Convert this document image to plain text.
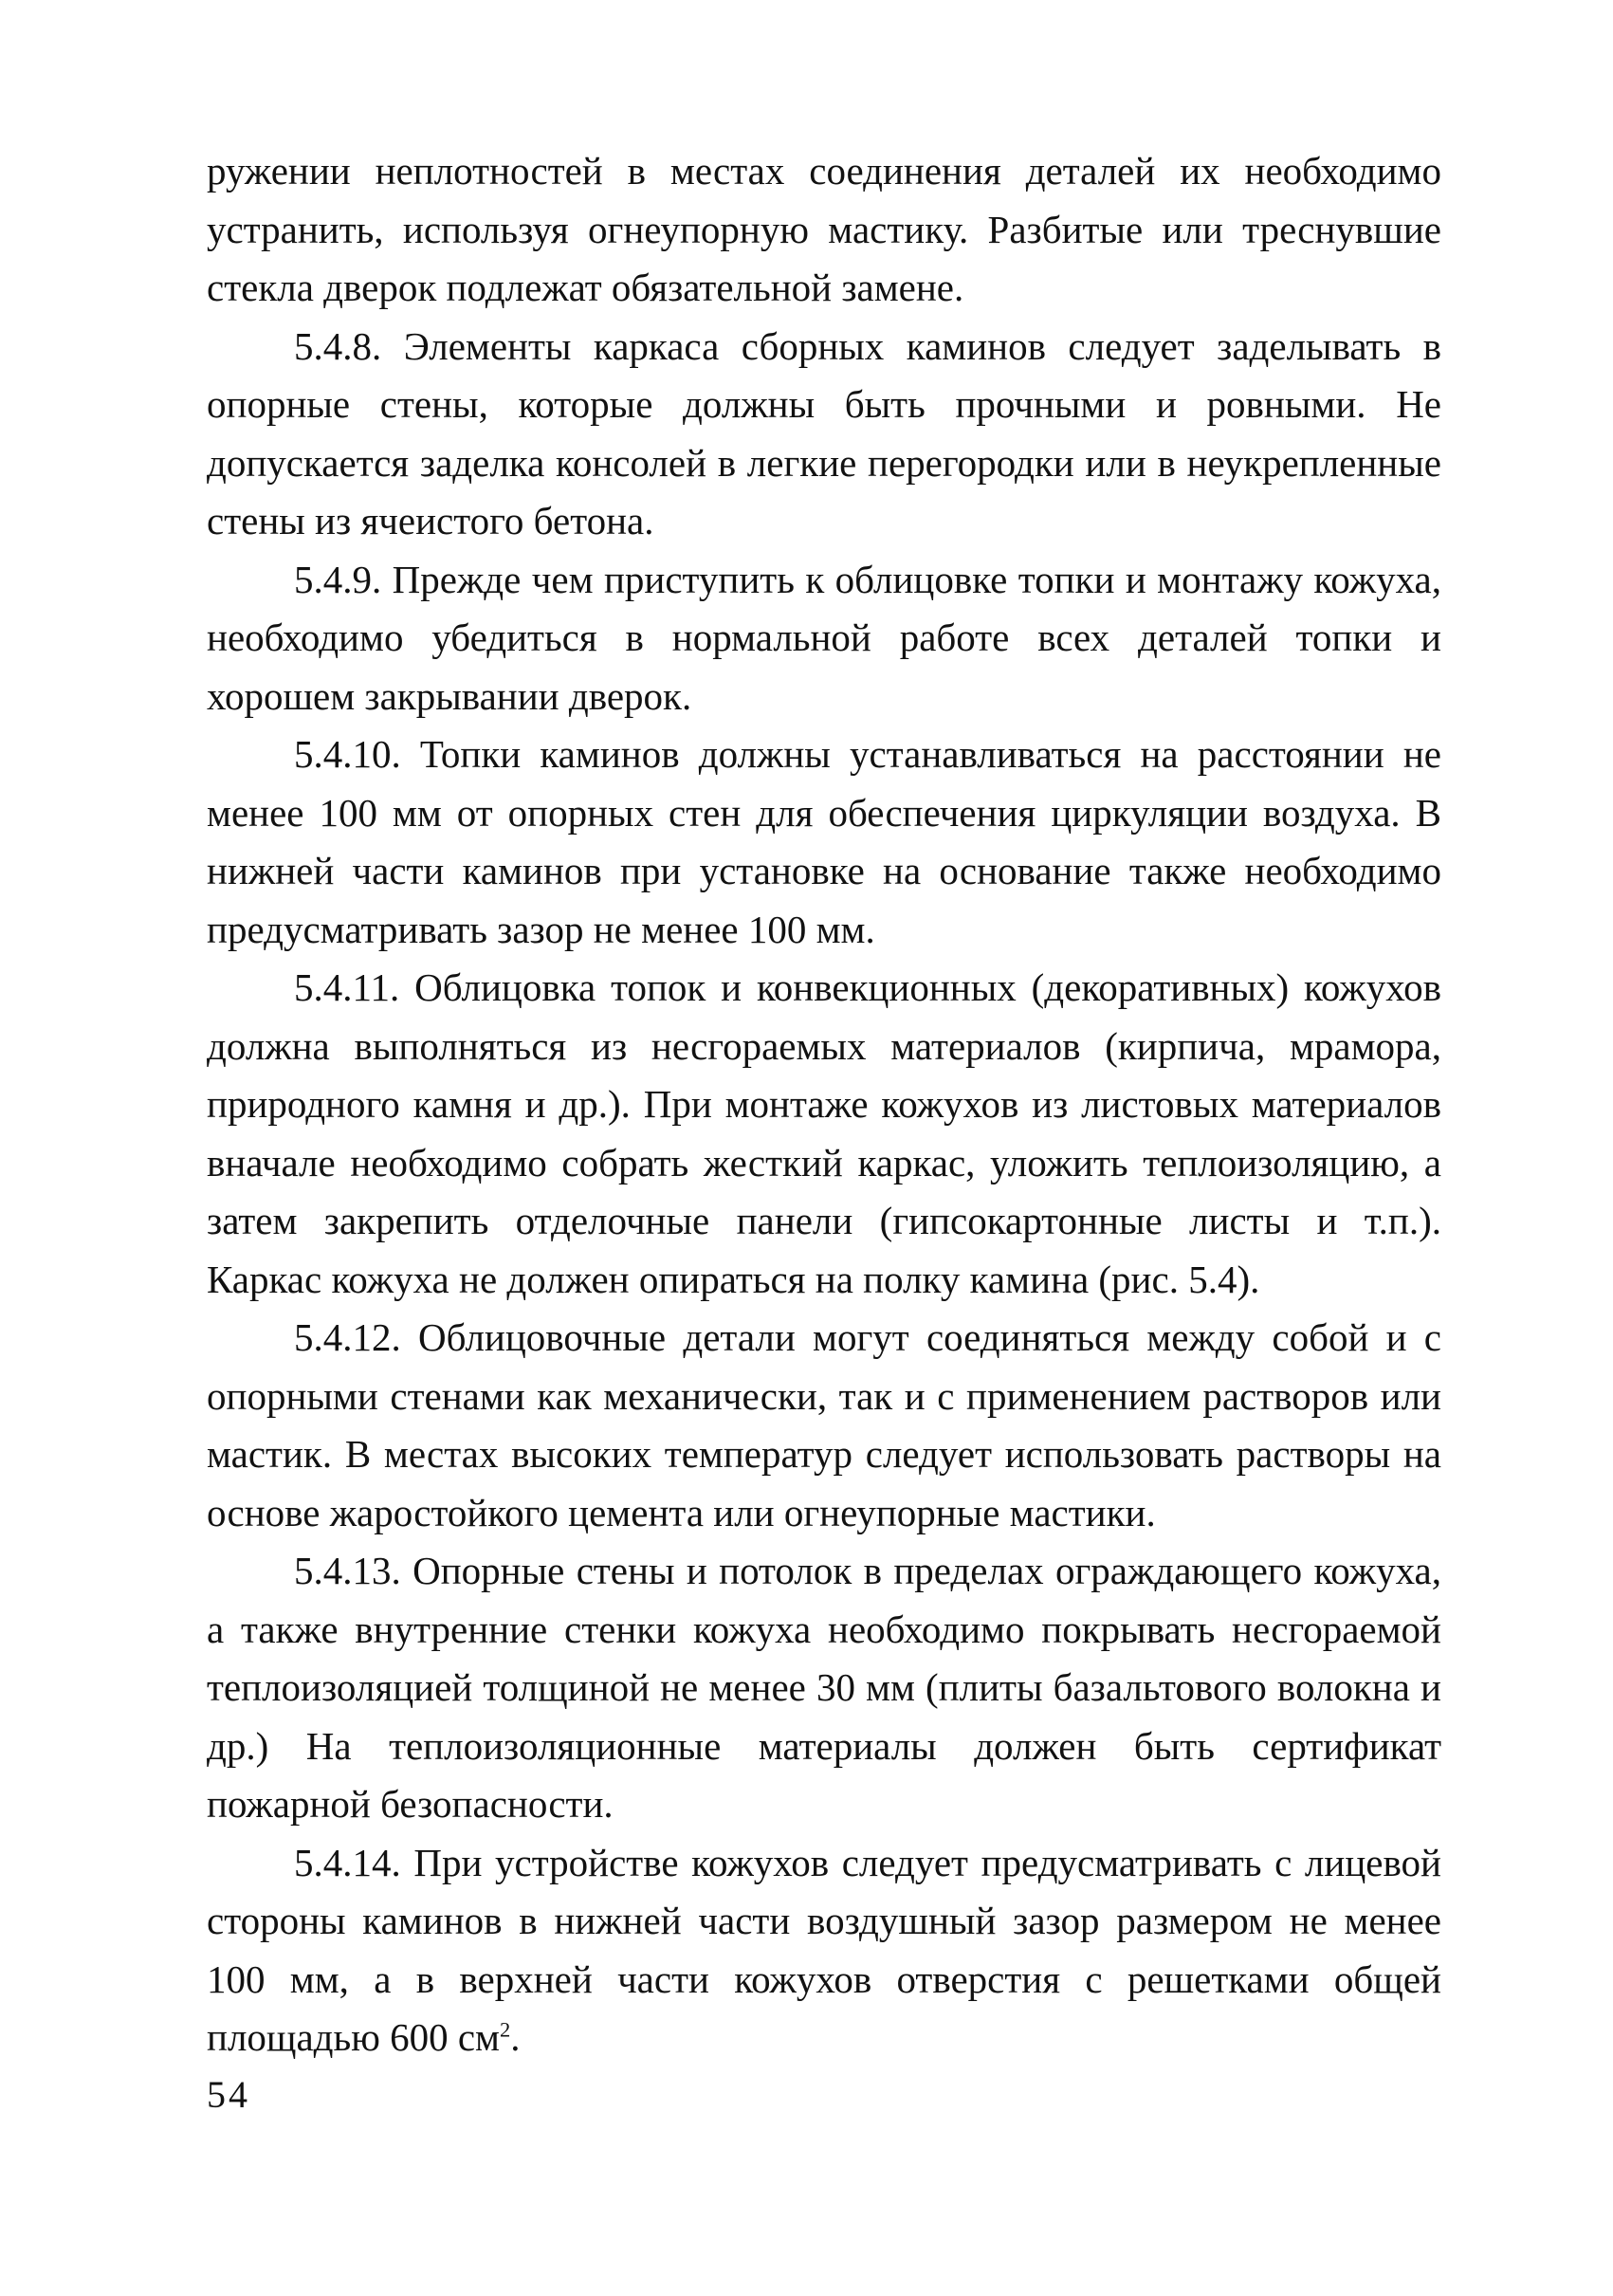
ружении неплотностей в местах соединения деталей их необходимо устранить, используя огнеупорную мастику. Разбитые или треснувшие стекла дверок подлежат обязательной замене.

5.4.8. Элементы каркаса сборных каминов следует заделывать в опорные стены, которые должны быть прочными и ровными. Не допускается заделка консолей в легкие перегородки или в неукрепленные стены из ячеистого бетона.

5.4.9. Прежде чем приступить к облицовке топки и монтажу кожуха, необходимо убедиться в нормальной работе всех деталей топки и хорошем закрывании дверок.

5.4.10. Топки каминов должны устанавливаться на расстоянии не менее 100 мм от опорных стен для обеспечения циркуляции воздуха. В нижней части каминов при установке на основание также необходимо предусматривать зазор не менее 100 мм.

5.4.11. Облицовка топок и конвекционных (декоративных) кожухов должна выполняться из несгораемых материалов (кирпича, мрамора, природного камня и др.). При монтаже кожухов из листовых материалов вначале необходимо собрать жесткий каркас, уложить теплоизоляцию, а затем закрепить отделочные панели (гипсокартонные листы и т.п.). Каркас кожуха не должен опираться на полку камина (рис. 5.4).

5.4.12. Облицовочные детали могут соединяться между собой и с опорными стенами как механически, так и с применением растворов или мастик. В местах высоких температур следует использовать растворы на основе жаростойкого цемента или огнеупорные мастики.

5.4.13. Опорные стены и потолок в пределах ограждающего кожуха, а также внутренние стенки кожуха необходимо покрывать несгораемой теплоизоляцией толщиной не менее 30 мм (плиты базальтового волокна и др.) На теплоизоляционные материалы должен быть сертификат пожарной безопасности.

5.4.14. При устройстве кожухов следует предусматривать с лицевой стороны каминов в нижней части воздушный зазор размером не менее 100 мм, а в верхней части кожухов отверстия с решетками общей площадью 600 $см^2$.

54
